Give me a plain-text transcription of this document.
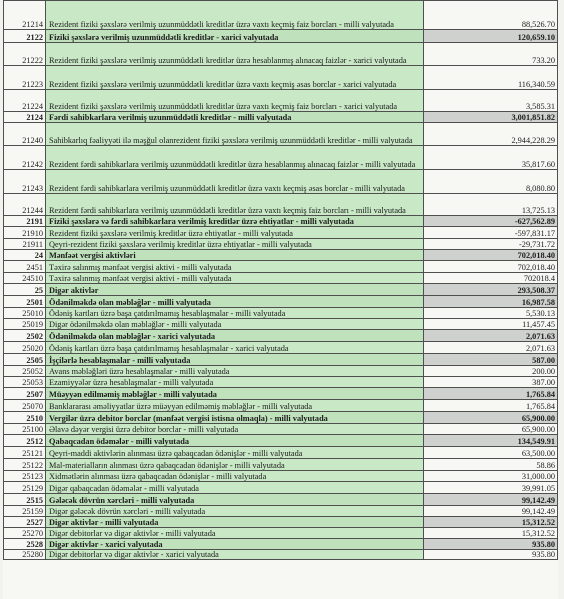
21214	Rezident fiziki şəxslərə verilmiş uzunmüddətli kreditlər üzrə vaxtı keçmiş faiz borcları - milli valyutada	88,526.70
2122	Fiziki şəxslərə verilmiş uzunmüddətli kreditlər - xarici valyutada	120,659.10
21222	Rezident fiziki şəxslərə verilmiş uzunmüddətli kreditlər üzrə hesablanmış alınacaq faizlər - xarici valyutada	733.20
21223	Rezident fiziki şəxslərə verilmiş uzunmüddətli kreditlər üzrə vaxtı keçmiş əsas borclar - xarici valyutada	116,340.59
21224	Rezident fiziki şəxslərə verilmiş uzunmüddətli kreditlər üzrə vaxtı keçmiş faiz borcları - xarici valyutada	3,585.31
2124	Fərdi sahibkarlara verilmiş uzunmüddətli kreditlər - milli valyutada	3,001,851.82
21240	Sahibkarlıq fəaliyyəti ilə məşğul olanrezident fiziki şəxslərə verilmiş uzunmüddətli kreditlər - milli valyutada	2,944,228.29
21242	Rezident fərdi sahibkarlara verilmiş uzunmüddətli kreditlər üzrə hesablanmış alınacaq faizlər - milli valyutada	35,817.60
21243	Rezident fərdi sahibkarlara verilmiş uzunmüddətli kreditlər üzrə vaxtı keçmiş əsas borclar - milli valyutada	8,080.80
21244	Rezident fərdi sahibkarlara verilmiş uzunmüddətli kreditlər üzrə vaxtı keçmiş faiz borcları - milli valyutada	13,725.13
2191	Fiziki şəxslərə və fərdi sahibkarlara verilmiş kreditlər üzrə ehtiyatlar - milli valyutada	-627,562.89
21910	Rezident fiziki şəxslərə verilmiş kreditlər üzrə ehtiyatlar - milli valyutada	-597,831.17
21911	Qeyri-rezident fiziki şəxslərə verilmiş kreditlər üzrə ehtiyatlar - milli valyutada	-29,731.72
24	Mənfəət vergisi aktivləri	702,018.40
2451	Təxirə salınmış mənfəət vergisi aktivi - milli valyutada	702,018.40
24510	Təxirə salınmış mənfəət vergisi aktivi - milli valyutada	702018.4
25	Digər aktivlər	293,508.37
2501	Ödənilməkdə olan məbləğlər - milli valyutada	16,987.58
25010	Ödəniş kartları üzrə başa çatdırılmamış hesablaşmalar - milli valyutada	5,530.13
25019	Digər ödənilməkdə olan məbləğlər - milli valyutada	11,457.45
2502	Ödənilməkdə olan məbləğlər - xarici valyutada	2,071.63
25020	Ödəniş kartları üzrə başa çatdırılmamış hesablaşmalar - xarici valyutada	2,071.63
2505	İşçilərlə hesablaşmalar - milli valyutada	587.00
25052	Avans məbləğləri üzrə hesablaşmalar - milli valyutada	200.00
25053	Ezamiyyələr üzrə hesablaşmalar - milli valyutada	387.00
2507	Müəyyən edilməmiş məbləğlər - milli valyutada	1,765.84
25070	Banklararası əməliyyatlar üzrə müəyyən edilməmiş məbləğlər - milli valyutada	1,765.84
2510	Vergilər üzrə debitor borclar (mənfəət vergisi istisna olmaqla) - milli valyutada	65,900.00
25100	Əlavə dəyər vergisi üzrə debitor borclar - milli valyutada	65,900.00
2512	Qabaqcadan ödəmələr - milli valyutada	134,549.91
25121	Qeyri-maddi aktivlərin alınması üzrə qabaqcadan ödənişlər - milli valyutada	63,500.00
25122	Mal-materialların alınması üzrə qabaqcadan ödənişlər - milli valyutada	58.86
25123	Xidmətlərin alınması üzrə qabaqcadan ödənişlər - milli valyutada	31,000.00
25129	Digər qabaqcadan ödəmələr - milli valyutada	39,991.05
2515	Gələcək dövrün xərcləri - milli valyutada	99,142.49
25159	Digər gələcək dövrün xərcləri - milli valyutada	99,142.49
2527	Digər aktivlər - milli valyutada	15,312.52
25270	Digər debitorlar və digər aktivlər - milli valyutada	15,312.52
2528	Digər aktivlər - xarici valyutada	935.80
25280	Digər debitorlar və digər aktivlər - xarici valyutada	935.80
